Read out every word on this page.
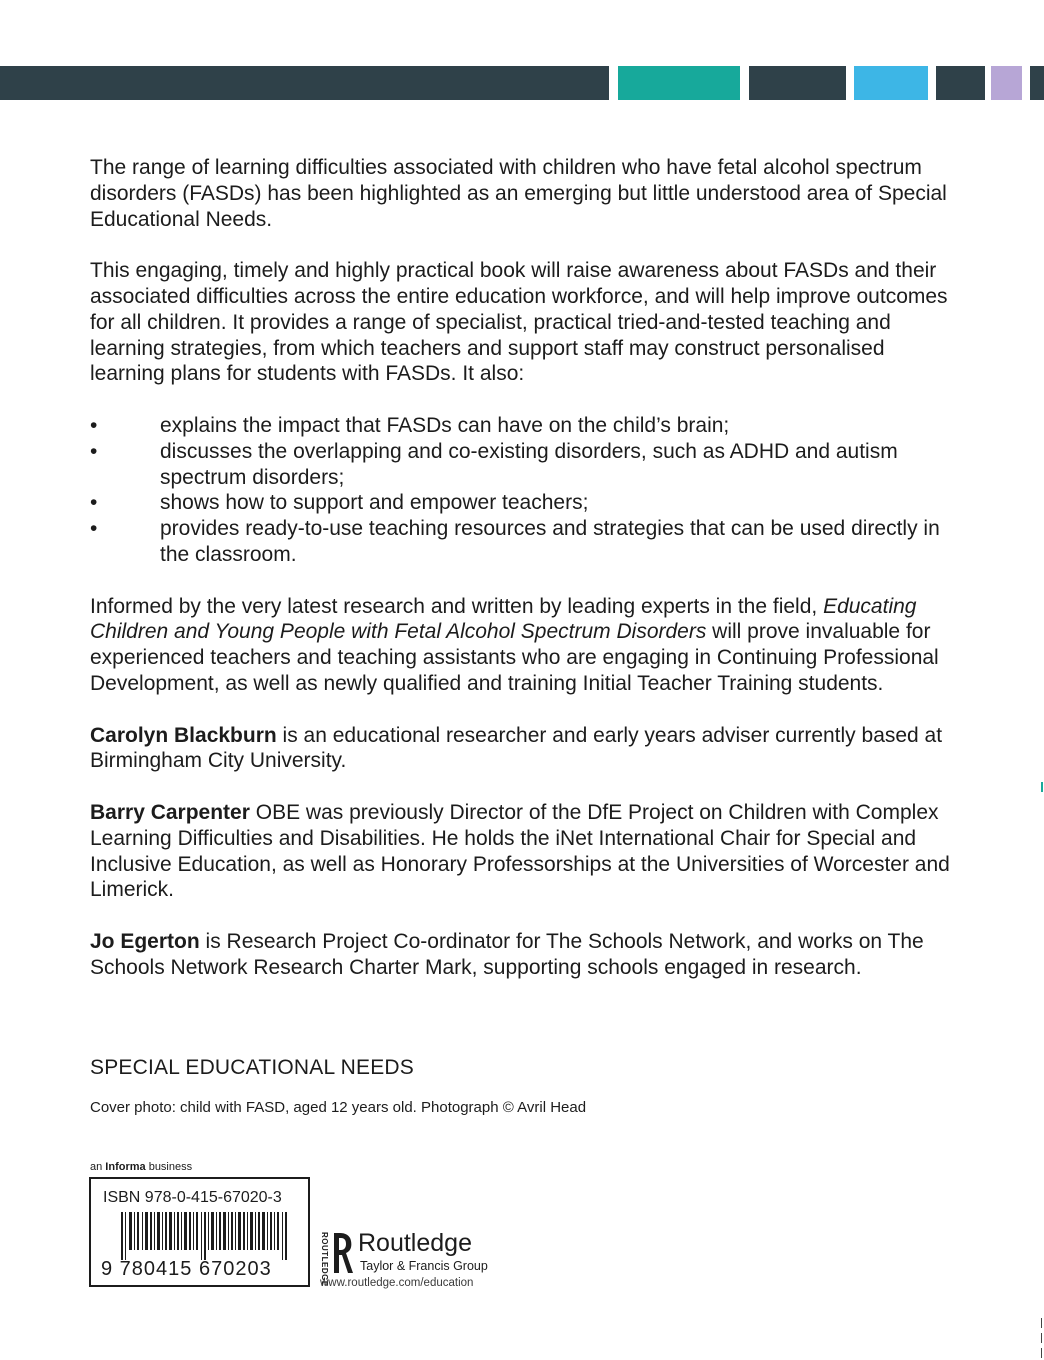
The range of learning difficulties associated with children who have fetal alcohol spectrum disorders (FASDs) has been highlighted as an emerging but little understood area of Special Educational Needs.

This engaging, timely and highly practical book will raise awareness about FASDs and their associated difficulties across the entire education workforce, and will help improve outcomes for all children. It provides a range of specialist, practical tried-and-tested teaching and learning strategies, from which teachers and support staff may construct personalised learning plans for students with FASDs. It also:

•	explains the impact that FASDs can have on the child’s brain;
•	discusses the overlapping and co-existing disorders, such as ADHD and autism spectrum disorders;
•	shows how to support and empower teachers;
•	provides ready-to-use teaching resources and strategies that can be used directly in the classroom.

Informed by the very latest research and written by leading experts in the field, Educating Children and Young People with Fetal Alcohol Spectrum Disorders will prove invaluable for experienced teachers and teaching assistants who are engaging in Continuing Professional Development, as well as newly qualified and training Initial Teacher Training students.

Carolyn Blackburn is an educational researcher and early years adviser currently based at Birmingham City University.

Barry Carpenter OBE was previously Director of the DfE Project on Children with Complex Learning Difficulties and Disabilities. He holds the iNet International Chair for Special and Inclusive Education, as well as Honorary Professorships at the Universities of Worcester and Limerick.

Jo Egerton is Research Project Co-ordinator for The Schools Network, and works on The Schools Network Research Charter Mark, supporting schools engaged in research.

SPECIAL EDUCATIONAL NEEDS
Cover photo: child with FASD, aged 12 years old. Photograph © Avril Head
an Informa business
ISBN 978-0-415-67020-3
9 780415 670203	ROUTLEDGE Routledge
Taylor & Francis Group
www.routledge.com/education
